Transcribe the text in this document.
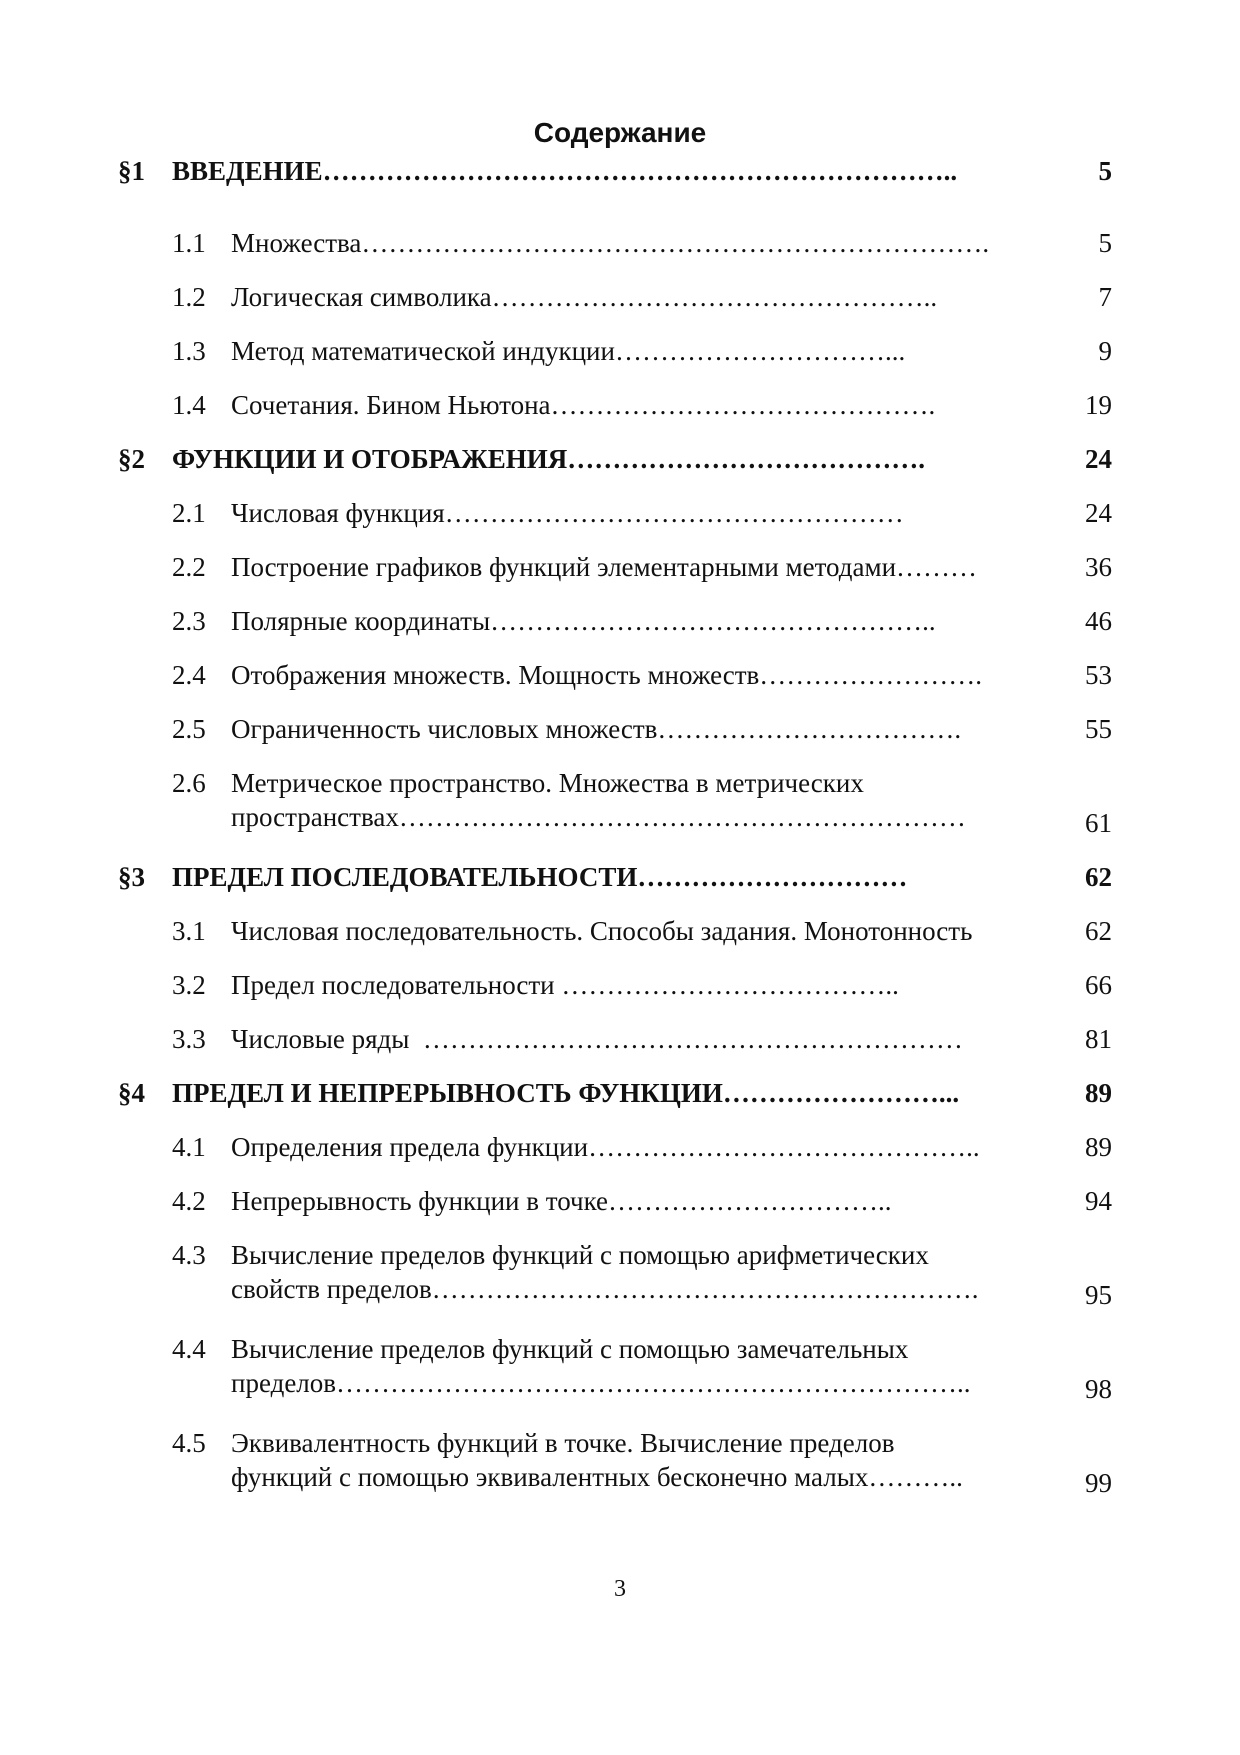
Содержание
§1 ВВЕДЕНИЕ……………………………………………………………..	5
1.1 Множества…………………………………………………………….	5
1.2 Логическая символика…………………………………………..	7
1.3 Метод математической индукции…………………………...	9
1.4 Сочетания. Бином Ньютона…………………………………….	19
§2 ФУНКЦИИ И ОТОБРАЖЕНИЯ………………………………….	24
2.1 Числовая функция……………………………………………	24
2.2 Построение графиков функций элементарными методами………	36
2.3 Полярные координаты…………………………………………..	46
2.4 Отображения множеств. Мощность множеств…………………….	53
2.5 Ограниченность числовых множеств…………………………….	55
2.6 Метрическое пространство. Множества в метрических
пространствах………………………………………………………	61
§3 ПРЕДЕЛ ПОСЛЕДОВАТЕЛЬНОСТИ…………………………	62
3.1 Числовая последовательность. Способы задания. Монотонность	62
3.2 Предел последовательности ………………………………..	66
3.3 Числовые ряды  ……………………………………………………	81
§4 ПРЕДЕЛ И НЕПРЕРЫВНОСТЬ ФУНКЦИИ……………………...	89
4.1 Определения предела функции……………………………………..	89
4.2 Непрерывность функции в точке…………………………..	94
4.3 Вычисление пределов функций с помощью арифметических
свойств пределов…………………………………………………….	95
4.4 Вычисление пределов функций с помощью замечательных
пределов……………………………………………………………..	98
4.5 Эквивалентность функций в точке. Вычисление пределов
функций с помощью эквивалентных бесконечно малых………..	99
3
